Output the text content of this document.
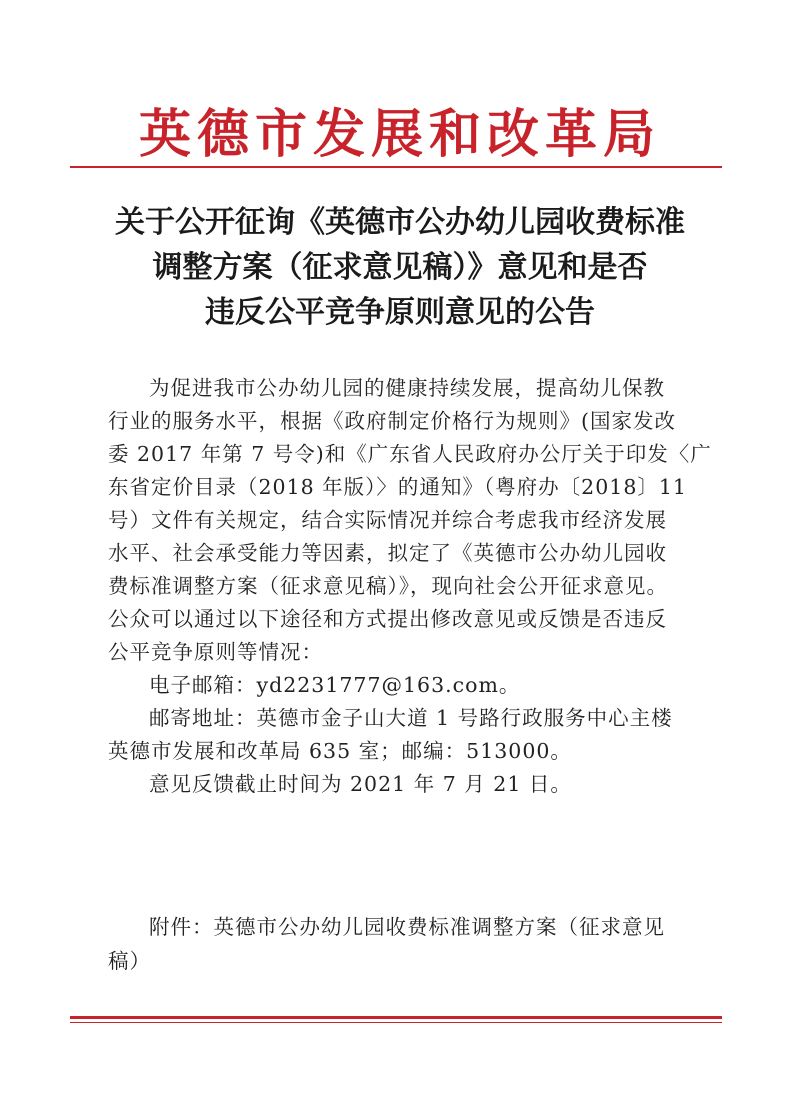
英德市发展和改革局
关于公开征询《英德市公办幼儿园收费标准
调整方案（征求意见稿）》意见和是否
违反公平竞争原则意见的公告
为促进我市公办幼儿园的健康持续发展，提高幼儿保教
行业的服务水平，根据《政府制定价格行为规则》(国家发改
委 2017 年第 7 号令)和《广东省人民政府办公厅关于印发〈广
东省定价目录（2018 年版）〉的通知》（粤府办〔2018〕11
号）文件有关规定，结合实际情况并综合考虑我市经济发展
水平、社会承受能力等因素，拟定了《英德市公办幼儿园收
费标准调整方案（征求意见稿）》，现向社会公开征求意见。
公众可以通过以下途径和方式提出修改意见或反馈是否违反
公平竞争原则等情况：
电子邮箱：yd2231777@163.com。
邮寄地址：英德市金子山大道 1 号路行政服务中心主楼
英德市发展和改革局 635 室；邮编：513000。
意见反馈截止时间为 2021 年 7 月 21 日。
附件：英德市公办幼儿园收费标准调整方案（征求意见
稿）
